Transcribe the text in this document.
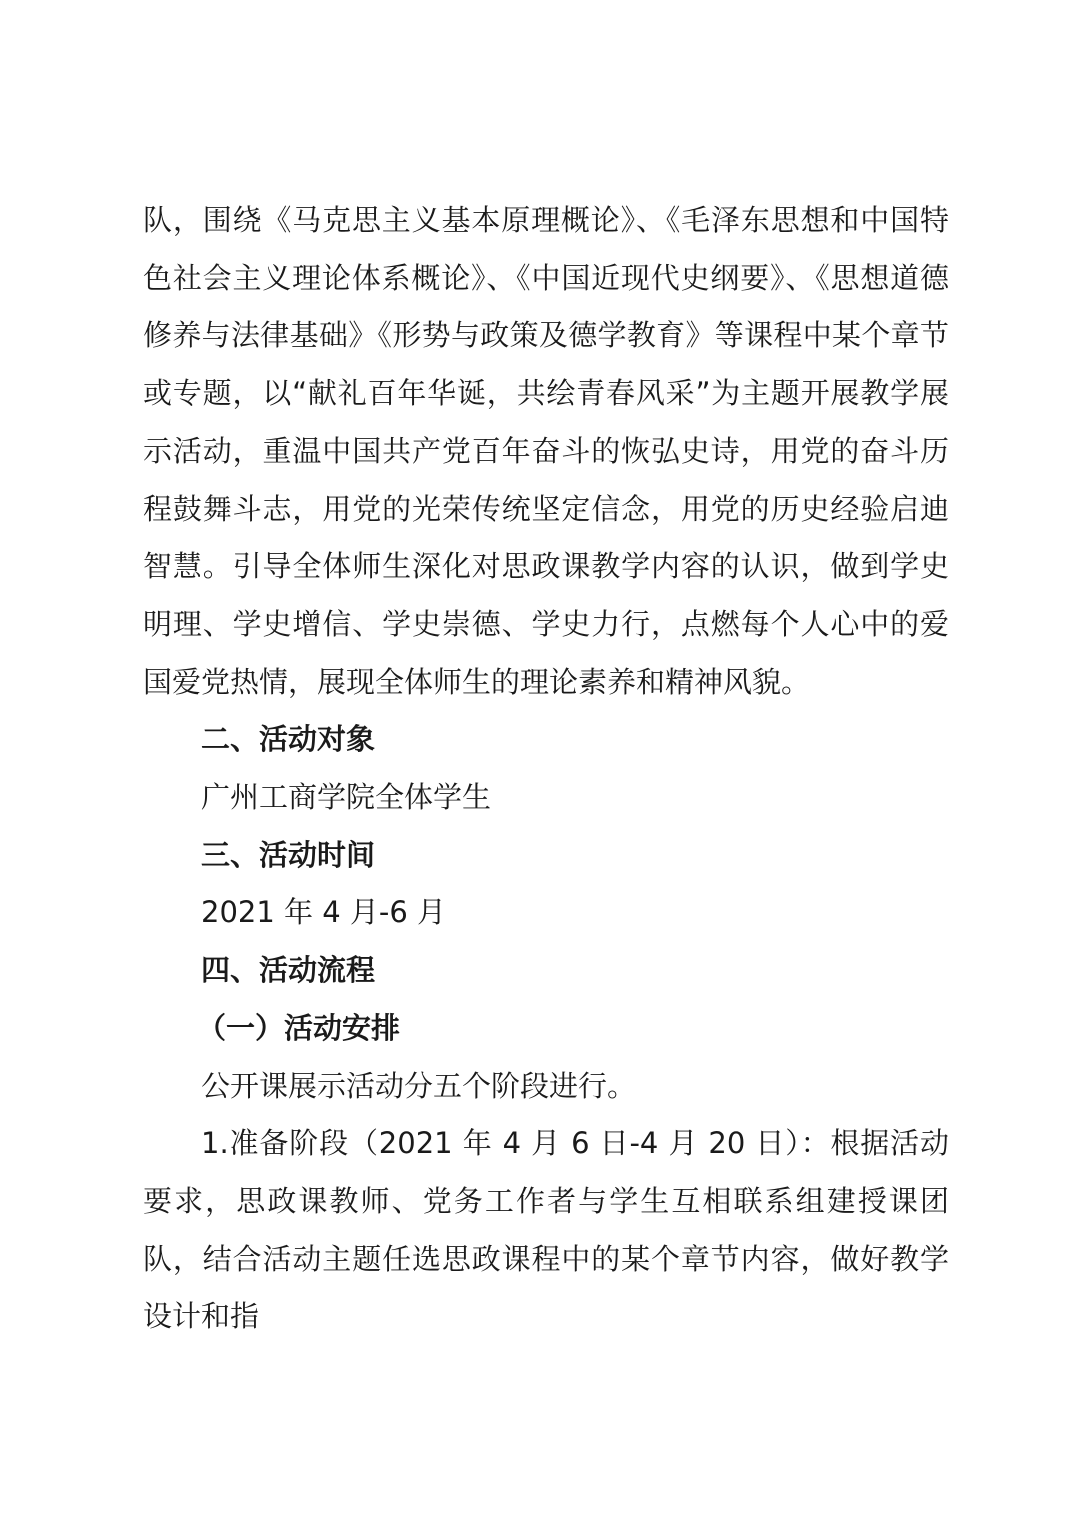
队，围绕《马克思主义基本原理概论》、《毛泽东思想和中国特色社会主义理论体系概论》、《中国近现代史纲要》、《思想道德修养与法律基础》《形势与政策及德学教育》等课程中某个章节或专题，以“献礼百年华诞，共绘青春风采”为主题开展教学展示活动，重温中国共产党百年奋斗的恢弘史诗，用党的奋斗历程鼓舞斗志，用党的光荣传统坚定信念，用党的历史经验启迪智慧。引导全体师生深化对思政课教学内容的认识，做到学史明理、学史增信、学史崇德、学史力行，点燃每个人心中的爱国爱党热情，展现全体师生的理论素养和精神风貌。

二、活动对象

广州工商学院全体学生

三、活动时间

2021 年 4 月-6 月

四、活动流程

（一）活动安排

公开课展示活动分五个阶段进行。

1.准备阶段（2021 年 4 月 6 日-4 月 20 日）：根据活动要求，思政课教师、党务工作者与学生互相联系组建授课团队，结合活动主题任选思政课程中的某个章节内容，做好教学设计和指
